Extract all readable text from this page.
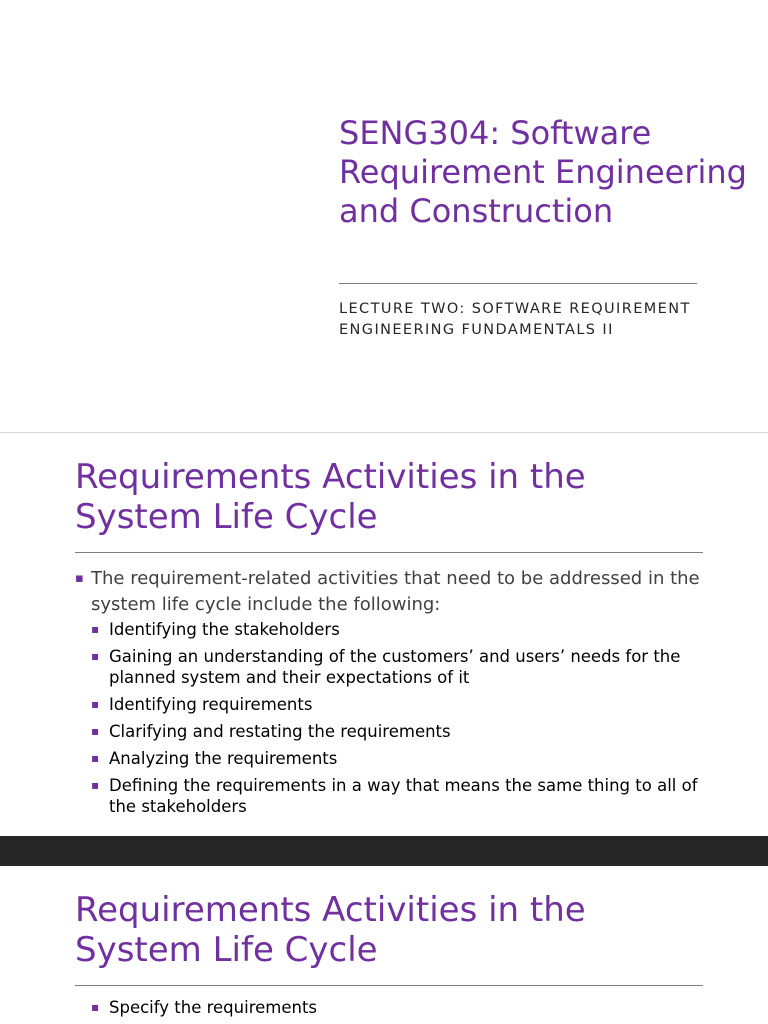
SENG304: Software Requirement Engineering and Construction

LECTURE TWO: SOFTWARE REQUIREMENT ENGINEERING FUNDAMENTALS II

Requirements Activities in the System Life Cycle
▪ The requirement-related activities that need to be addressed in the system life cycle include the following:
▪ Identifying the stakeholders
▪ Gaining an understanding of the customers’ and users’ needs for the planned system and their expectations of it
▪ Identifying requirements
▪ Clarifying and restating the requirements
▪ Analyzing the requirements
▪ Defining the requirements in a way that means the same thing to all of the stakeholders
Requirements Activities in the System Life Cycle
▪ Specify the requirements
